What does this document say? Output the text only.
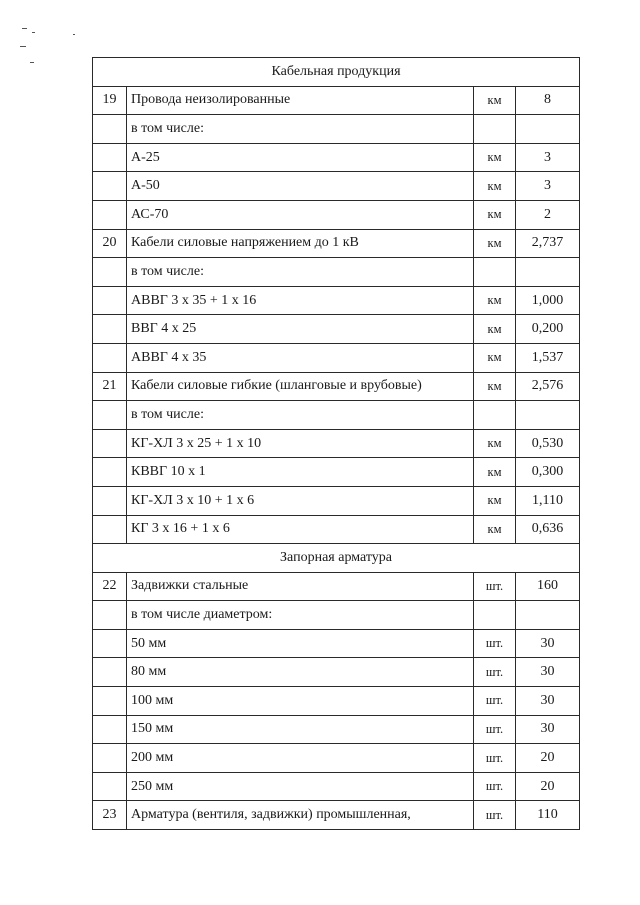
Кабельная продукция			
19	Провода неизолированные	км	8
	в том числе:		
	А-25	км	3
	А-50	км	3
	АС-70	км	2
20	Кабели силовые напряжением до 1 кВ	км	2,737
	в том числе:		
	АВВГ 3 х 35 + 1 х 16	км	1,000
	ВВГ 4 х 25	км	0,200
	АВВГ 4 х 35	км	1,537
21	Кабели силовые гибкие (шланговые и врубовые)	км	2,576
	в том числе:		
	КГ-ХЛ 3 х 25 + 1 х 10	км	0,530
	КВВГ 10 х 1	км	0,300
	КГ-ХЛ 3 х 10 + 1 х 6	км	1,110
	КГ 3 х 16 + 1 х 6	км	0,636
Запорная арматура			
22	Задвижки стальные	шт.	160
	в том числе диаметром:		
	50 мм	шт.	30
	80 мм	шт.	30
	100 мм	шт.	30
	150 мм	шт.	30
	200 мм	шт.	20
	250 мм	шт.	20
23	Арматура (вентиля, задвижки) промышленная,	шт.	110
